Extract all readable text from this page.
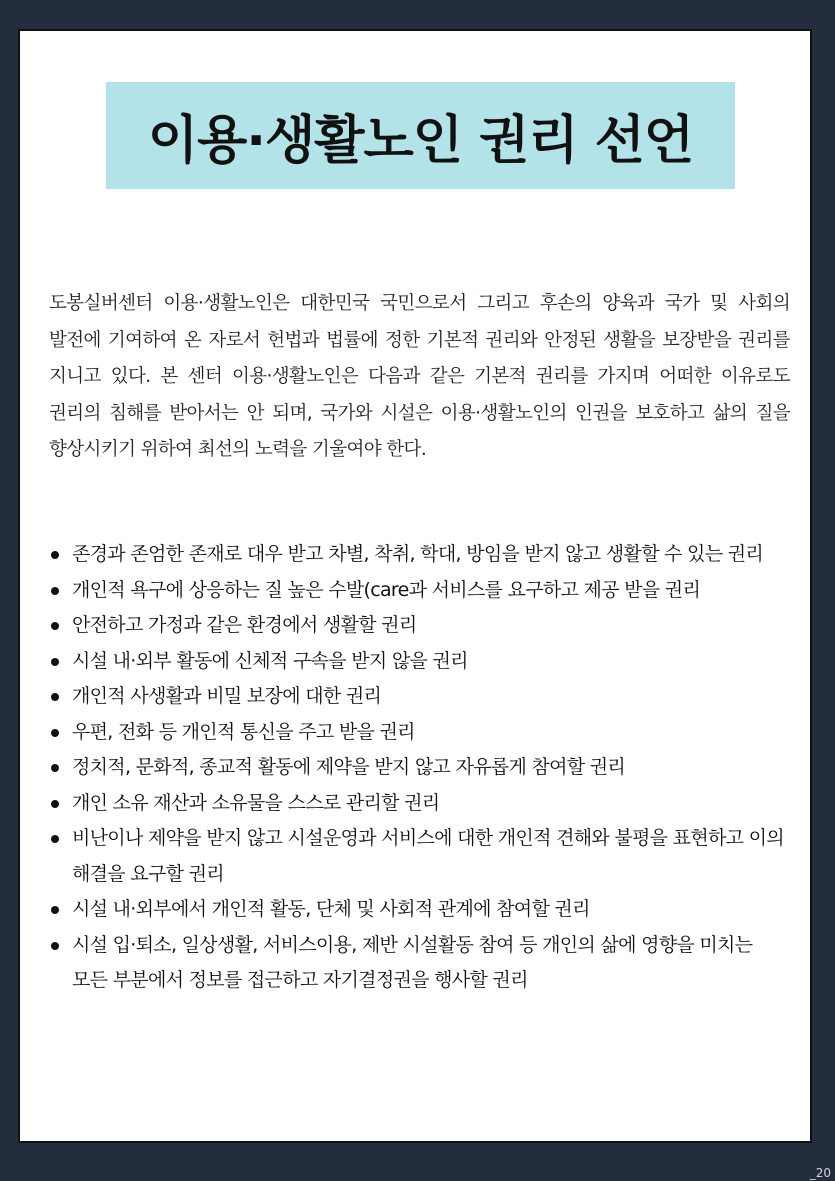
이용·생활노인 권리 선언

도봉실버센터 이용·생활노인은 대한민국 국민으로서 그리고 후손의 양육과 국가 및 사회의 발전에 기여하여 온 자로서 헌법과 법률에 정한 기본적 권리와 안정된 생활을 보장받을 권리를 지니고 있다. 본 센터 이용·생활노인은 다음과 같은 기본적 권리를 가지며 어떠한 이유로도 권리의 침해를 받아서는 안 되며, 국가와 시설은 이용·생활노인의 인권을 보호하고 삶의 질을 향상시키기 위하여 최선의 노력을 기울여야 한다.

존경과 존엄한 존재로 대우 받고 차별, 착취, 학대, 방임을 받지 않고 생활할 수 있는 권리
개인적 욕구에 상응하는 질 높은 수발(care과 서비스를 요구하고 제공 받을 권리
안전하고 가정과 같은 환경에서 생활할 권리
시설 내·외부 활동에 신체적 구속을 받지 않을 권리
개인적 사생활과 비밀 보장에 대한 권리
우편, 전화 등 개인적 통신을 주고 받을 권리
정치적, 문화적, 종교적 활동에 제약을 받지 않고 자유롭게 참여할 권리
개인 소유 재산과 소유물을 스스로 관리할 권리
비난이나 제약을 받지 않고 시설운영과 서비스에 대한 개인적 견해와 불평을 표현하고 이의 해결을 요구할 권리
시설 내·외부에서 개인적 활동, 단체 및 사회적 관계에 참여할 권리
시설 입·퇴소, 일상생활, 서비스이용, 제반 시설활동 참여 등 개인의 삶에 영향을 미치는 모든 부분에서 정보를 접근하고 자기결정권을 행사할 권리
_20
